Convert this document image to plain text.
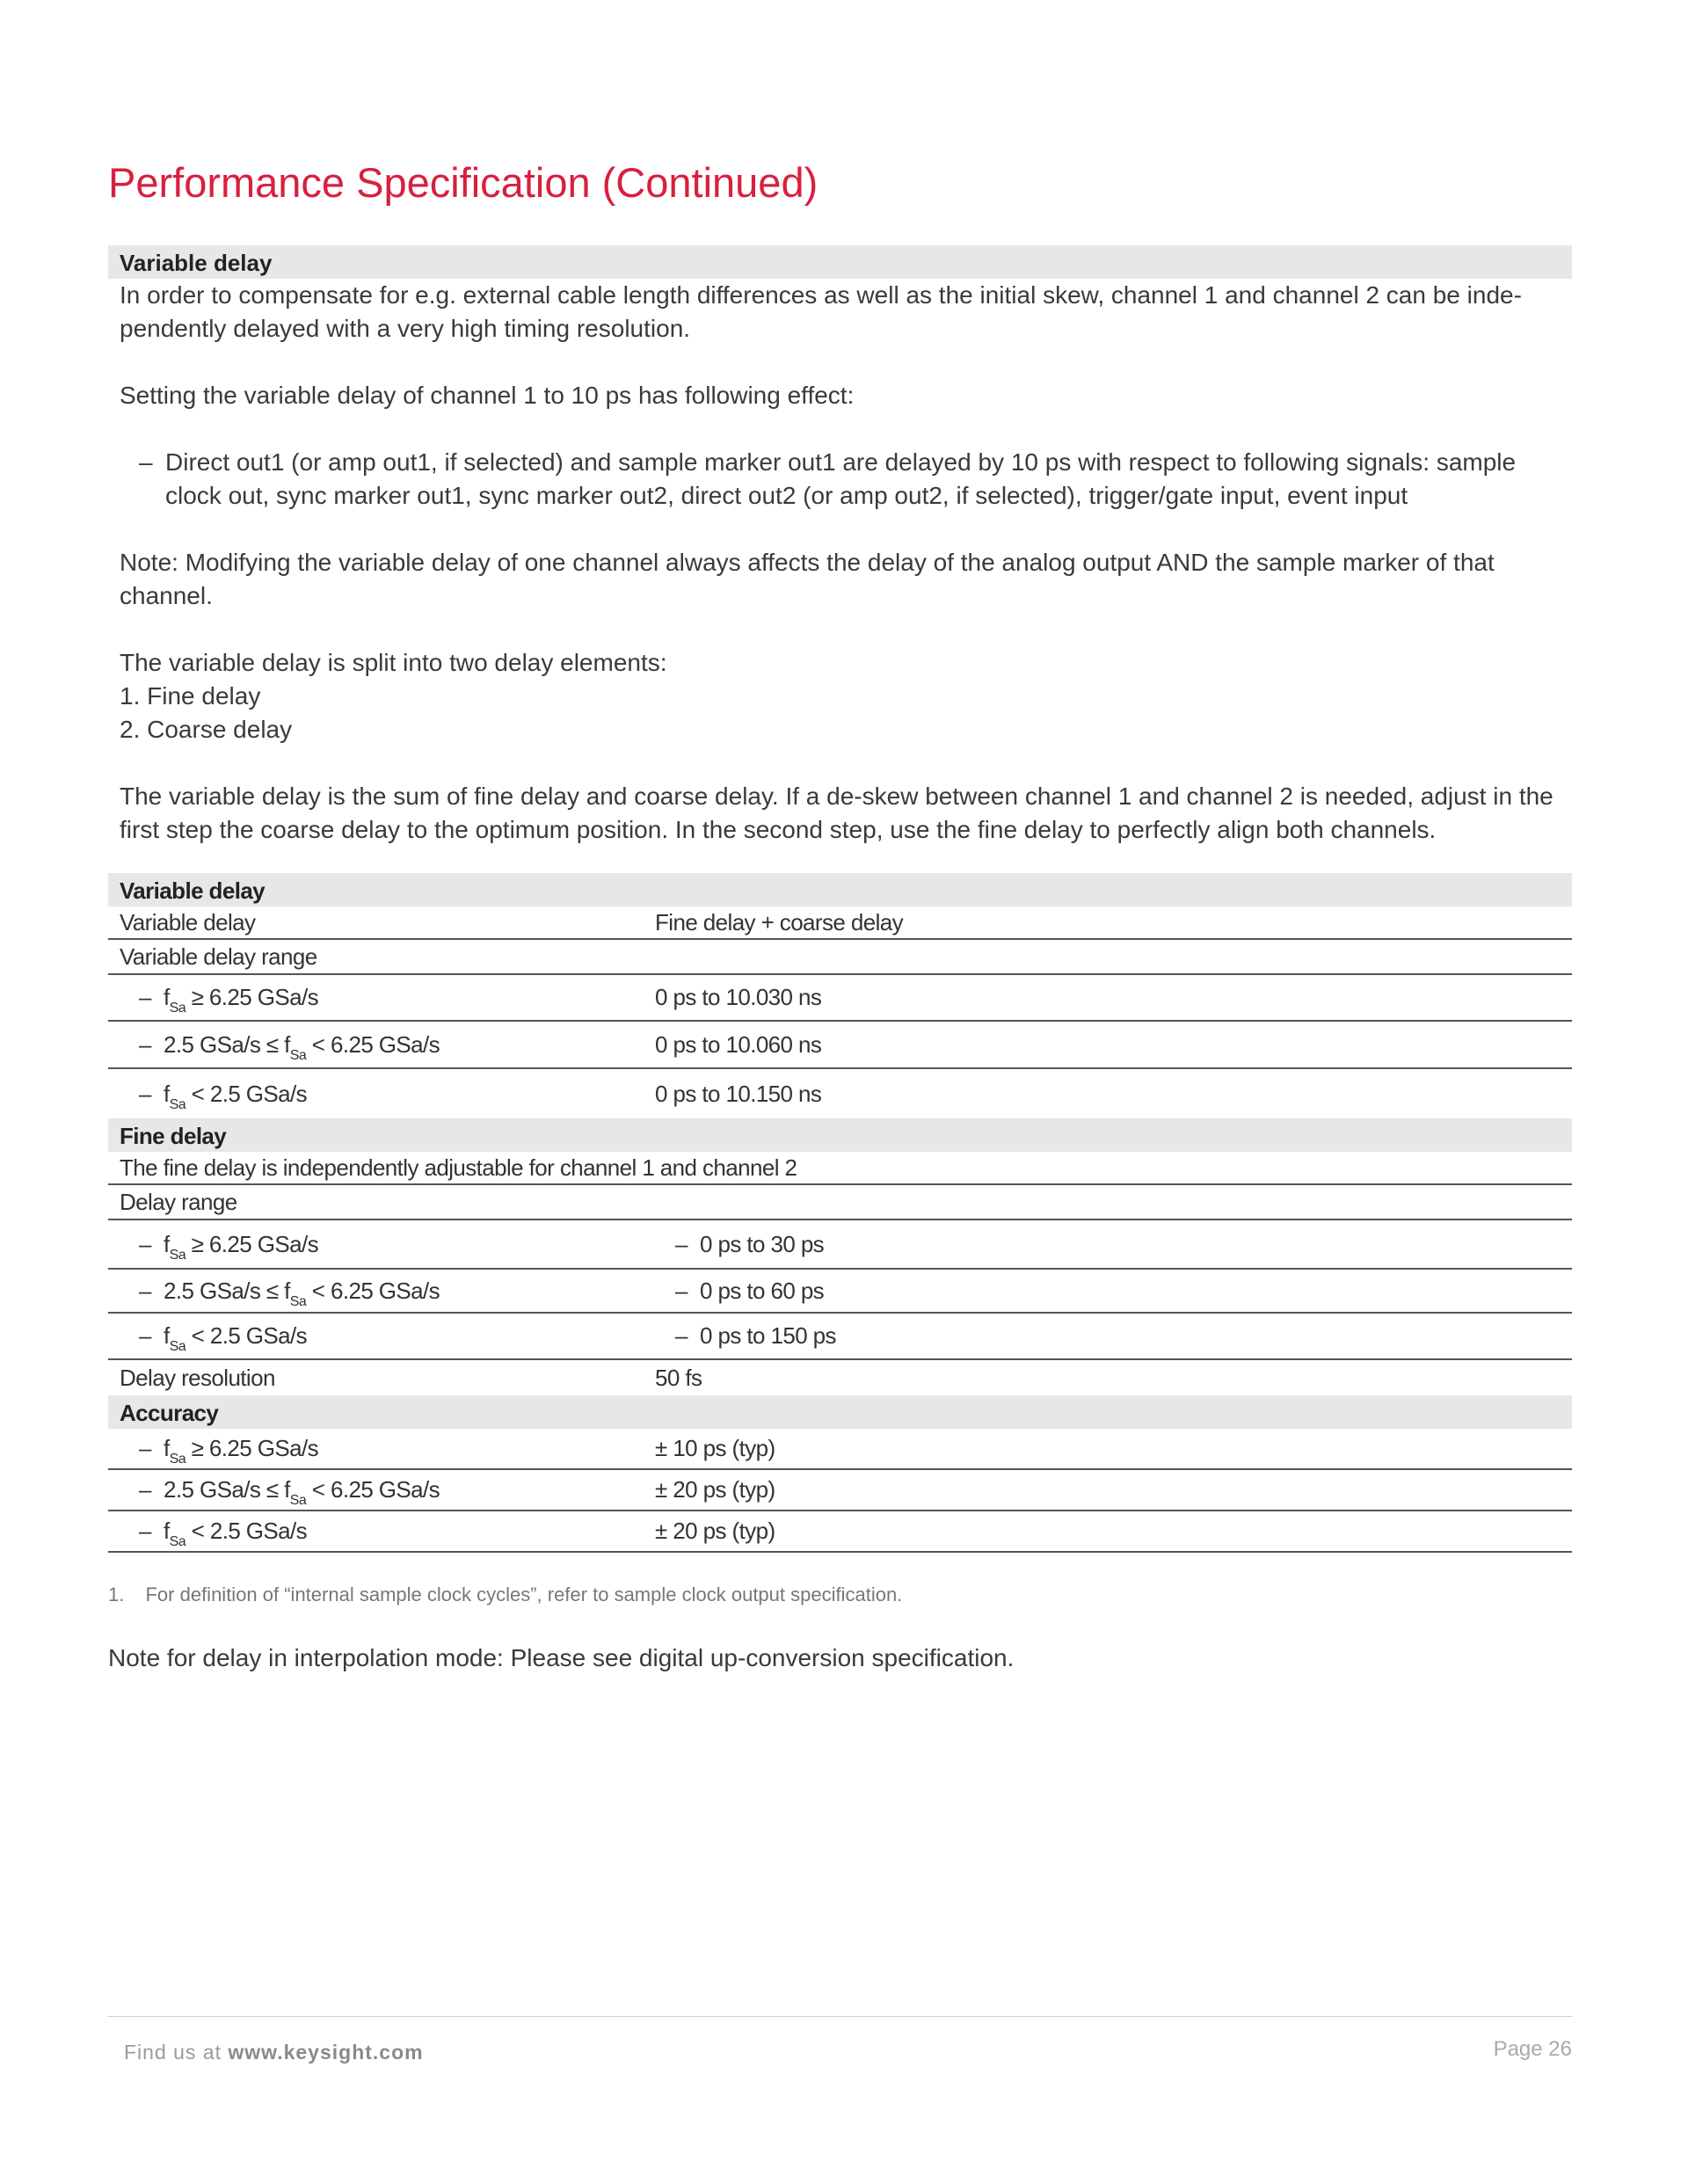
Performance Specification (Continued)
Variable delay

In order to compensate for e.g. external cable length differences as well as the initial skew, channel 1 and channel 2 can be inde-pendently delayed with a very high timing resolution.

Setting the variable delay of channel 1 to 10 ps has following effect:

– Direct out1 (or amp out1, if selected) and sample marker out1 are delayed by 10 ps with respect to following signals: sample clock out, sync marker out1, sync marker out2, direct out2 (or amp out2, if selected), trigger/gate input, event input

Note: Modifying the variable delay of one channel always affects the delay of the analog output AND the sample marker of that channel.

The variable delay is split into two delay elements:

1. Fine delay

2. Coarse delay

The variable delay is the sum of fine delay and coarse delay. If a de-skew between channel 1 and channel 2 is needed, adjust in the first step the coarse delay to the optimum position. In the second step, use the fine delay to perfectly align both channels.

Variable delay
Variable delay	Fine delay + coarse delay
Variable delay range
– $f_{Sa} \ge 6.25$ GSa/s	0 ps to 10.030 ns
– 2.5 $GSa/s \le f_{Sa} < 6.25$ GSa/s	0 ps to 10.060 ns
– $f_{Sa} < 2.5$ GSa/s	0 ps to 10.150 ns
Fine delay
The fine delay is independently adjustable for channel 1 and channel 2
Delay range
– $f_{Sa} \ge 6.25$ GSa/s	– 0 ps to 30 ps
– 2.5 $GSa/s \le f_{Sa} < 6.25$ GSa/s	– 0 ps to 60 ps
– $f_{Sa} < 2.5$ GSa/s	– 0 ps to 150 ps
Delay resolution	50 fs
Accuracy
– $f_{Sa} \ge 6.25$ GSa/s	± 10 ps (typ)
– 2.5 $GSa/s \le f_{Sa} < 6.25$ GSa/s	± 20 ps (typ)
– $f_{Sa} < 2.5$ GSa/s	± 20 ps (typ)
1. For definition of “internal sample clock cycles”, refer to sample clock output specification.
Note for delay in interpolation mode: Please see digital up-conversion specification.
Find us at www.keysight.com	Page 26
